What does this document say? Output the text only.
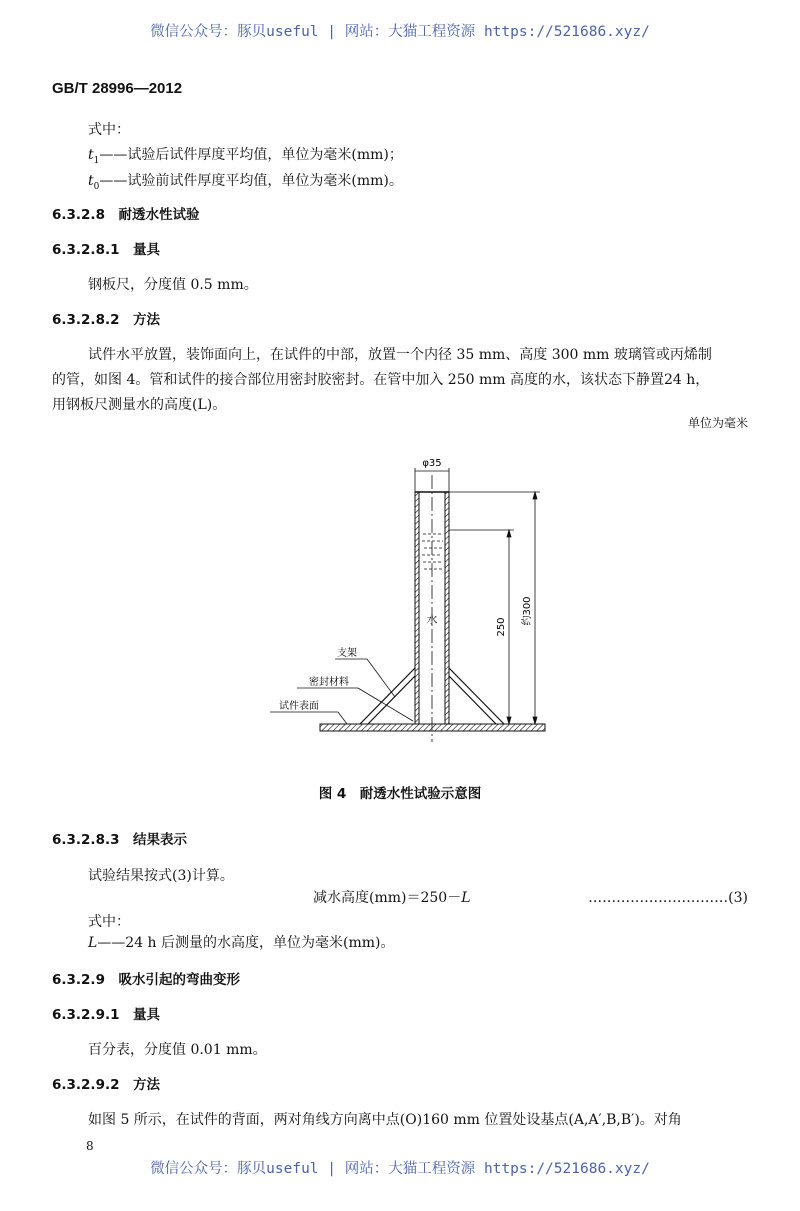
微信公众号：豚贝useful | 网站：大猫工程资源 https://521686.xyz/
GB/T 28996—2012
式中：
$t_1——$试验后试件厚度平均值，单位为毫米(mm)；
$t_0——$试验前试件厚度平均值，单位为毫米(mm)。
6.3.2.8　耐透水性试验
6.3.2.8.1　量具
钢板尺，分度值 0.5 mm。
6.3.2.8.2　方法
试件水平放置，装饰面向上，在试件的中部，放置一个内径 35 mm、高度 300 mm 玻璃管或丙烯制
的管，如图 4。管和试件的接合部位用密封胶密封。在管中加入 250 mm 高度的水，该状态下静置24 h，
用钢板尺测量水的高度(L)。
单位为毫米
φ35
水	250
约300
支架
密封材料
试件表面
图 4　耐透水性试验示意图
6.3.2.8.3　结果表示
试验结果按式(3)计算。
减水高度(mm)＝250－L	…………………………(3)
式中：
L——24 h 后测量的水高度，单位为毫米(mm)。
6.3.2.9　吸水引起的弯曲变形
6.3.2.9.1　量具
百分表，分度值 0.01 mm。
6.3.2.9.2　方法
如图 5 所示，在试件的背面，两对角线方向离中点(O)160 mm 位置处设基点(A,A′,B,B′)。对角
8
微信公众号：豚贝useful | 网站：大猫工程资源 https://521686.xyz/
